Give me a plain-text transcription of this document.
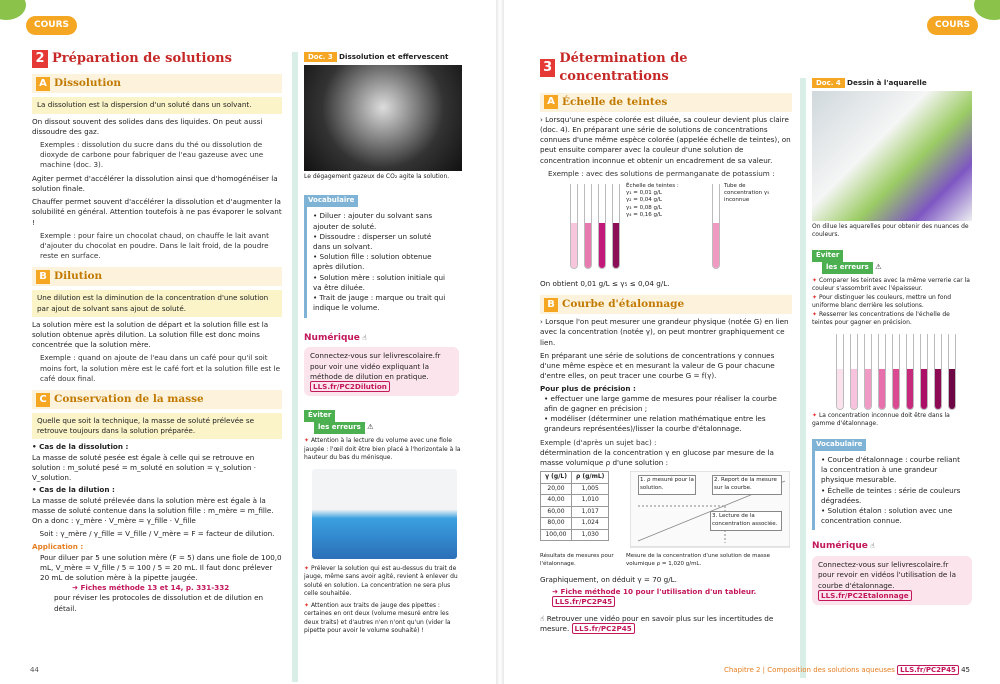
COURS	COURS
2 Préparation de solutions
A Dissolution
La dissolution est la dispersion d'un soluté dans un solvant.

On dissout souvent des solides dans des liquides. On peut aussi dissoudre des gaz.

Exemples : dissolution du sucre dans du thé ou dissolution de dioxyde de carbone pour fabriquer de l'eau gazeuse avec une machine (doc. 3).

Agiter permet d'accélérer la dissolution ainsi que d'homogénéiser la solution finale.

Chauffer permet souvent d'accélérer la dissolution et d'augmenter la solubilité en général. Attention toutefois à ne pas évaporer le solvant !

Exemple : pour faire un chocolat chaud, on chauffe le lait avant d'ajouter du chocolat en poudre. Dans le lait froid, de la poudre reste en surface.

B Dilution
Une dilution est la diminution de la concentration d'une solution par ajout de solvant sans ajout de soluté.

La solution mère est la solution de départ et la solution fille est la solution obtenue après dilution. La solution fille est donc moins concentrée que la solution mère.

Exemple : quand on ajoute de l'eau dans un café pour qu'il soit moins fort, la solution mère est le café fort et la solution fille est le café doux final.

C Conservation de la masse
Quelle que soit la technique, la masse de soluté prélevée se retrouve toujours dans la solution préparée.

• Cas de la dissolution :

La masse de soluté pesée est égale à celle qui se retrouve en solution : m_soluté pesé = m_soluté en solution = γ_solution · V_solution.

• Cas de la dilution :

La masse de soluté prélevée dans la solution mère est égale à la masse de soluté contenue dans la solution fille : m_mère = m_fille.

On a donc : γ_mère · V_mère = γ_fille · V_fille

Soit : γ_mère / γ_fille = V_fille / V_mère = F = facteur de dilution.

Application :

Pour diluer par 5 une solution mère (F = 5) dans une fiole de 100,0 mL, V_mère = V_fille / 5 = 100 / 5 = 20 mL. Il faut donc prélever 20 mL de solution mère à la pipette jaugée.

➜ Fiches méthode 13 et 14, p. 331-332

pour réviser les protocoles de dissolution et de dilution en détail.

Doc. 3 Dissolution et effervescent

Le dégagement gazeux de CO₂ agite la solution.

Vocabulaire

• Diluer : ajouter du solvant sans ajouter de soluté.

• Dissoudre : disperser un soluté dans un solvant.

• Solution fille : solution obtenue après dilution.

• Solution mère : solution initiale qui va être diluée.

• Trait de jauge : marque ou trait qui indique le volume.

Numérique ☝
Connectez-vous sur lelivrescolaire.fr pour voir une vidéo expliquant la méthode de dilution en pratique. LLS.fr/PC2Dilution
Éviter
les erreurs ⚠

✦ Attention à la lecture du volume avec une fiole jaugée : l'œil doit être bien placé à l'horizontale à la hauteur du bas du ménisque.

✦ Prélever la solution qui est au-dessus du trait de jauge, même sans avoir agité, revient à enlever du soluté en solution. La concentration ne sera plus celle souhaitée.

✦ Attention aux traits de jauge des pipettes : certaines en ont deux (volume mesuré entre les deux traits) et d'autres n'en n'ont qu'un (vider la pipette pour avoir le volume souhaité) !

44
3
Détermination de concentrations
A Échelle de teintes

› Lorsqu'une espèce colorée est diluée, sa couleur devient plus claire (doc. 4). En préparant une série de solutions de concentrations connues d'une même espèce colorée (appelée échelle de teintes), on peut ensuite comparer avec la couleur d'une solution de concentration inconnue et obtenir un encadrement de sa valeur.

Exemple : avec des solutions de permanganate de potassium :

Échelle de teintes :
γ₁ = 0,01 g/L
γ₂ = 0,04 g/L
γ₃ = 0,08 g/L
γ₄ = 0,16 g/L
Tube de concentration γ₅ inconnue

On obtient 0,01 g/L ≤ γ₅ ≤ 0,04 g/L.

B Courbe d'étalonnage

› Lorsque l'on peut mesurer une grandeur physique (notée G) en lien avec la concentration (notée γ), on peut montrer graphiquement ce lien.

En préparant une série de solutions de concentrations γ connues d'une même espèce et en mesurant la valeur de G pour chacune d'entre elles, on peut tracer une courbe G = f(γ).

Pour plus de précision :

• effectuer une large gamme de mesures pour réaliser la courbe afin de gagner en précision ;

• modéliser (déterminer une relation mathématique entre les grandeurs représentées)/lisser la courbe d'étalonnage.

Exemple (d'après un sujet bac) :

détermination de la concentration γ en glucose par mesure de la masse volumique ρ d'une solution :

γ (g/L)	ρ (g/mL)
20,00	1,005
40,00	1,010
60,00	1,017
80,00	1,024
100,00	1,030
1. ρ mesuré pour la solution.
2. Report de la mesure sur la courbe.
3. Lecture de la concentration associée.

Résultats de mesures pour l'étalonnage.

Mesure de la concentration d'une solution de masse volumique ρ = 1,020 g/mL.

Graphiquement, on déduit γ = 70 g/L.

➜ Fiche méthode 10 pour l'utilisation d'un tableur. LLS.fr/PC2P45

☝ Retrouver une vidéo pour en savoir plus sur les incertitudes de mesure. LLS.fr/PC2P45

Doc. 4 Dessin à l'aquarelle

On dilue les aquarelles pour obtenir des nuances de couleurs.

Éviter
les erreurs ⚠

✦ Comparer les teintes avec la même verrerie car la couleur s'assombrit avec l'épaisseur.

✦ Pour distinguer les couleurs, mettre un fond uniforme blanc derrière les solutions.

✦ Resserrer les concentrations de l'échelle de teintes pour gagner en précision.

✦ La concentration inconnue doit être dans la gamme d'étalonnage.

Vocabulaire

• Courbe d'étalonnage : courbe reliant la concentration à une grandeur physique mesurable.

• Échelle de teintes : série de couleurs dégradées.

• Solution étalon : solution avec une concentration connue.

Numérique ☝
Connectez-vous sur lelivrescolaire.fr pour revoir en vidéos l'utilisation de la courbe d'étalonnage. LLS.fr/PC2Etalonnage
Chapitre 2 | Composition des solutions aqueuses LLS.fr/PC2P45 45
